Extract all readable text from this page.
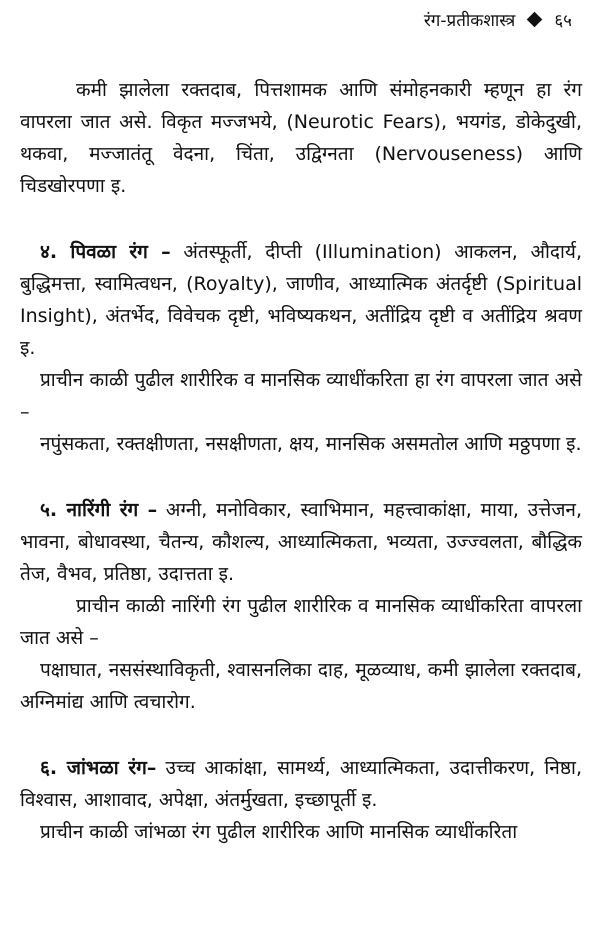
रंग-प्रतीकशास्त्र ६५

कमी झालेला रक्तदाब, पित्तशामक आणि संमोहनकारी म्हणून हा रंग वापरला जात असे. विकृत मज्जभये, (Neurotic Fears), भयगंड, डोकेदुखी, थकवा, मज्जातंतू वेदना, चिंता, उद्विग्नता (Nervouseness) आणि चिडखोरपणा इ.

४. पिवळा रंग – अंतस्फूर्ती, दीप्ती (Illumination) आकलन, औदार्य, बुद्धिमत्ता, स्वामित्वधन, (Royalty), जाणीव, आध्यात्मिक अंतर्दृष्टी (Spiritual Insight), अंतर्भेद, विवेचक दृष्टी, भविष्यकथन, अतींद्रिय दृष्टी व अतींद्रिय श्रवण इ.

प्राचीन काळी पुढील शारीरिक व मानसिक व्याधींकरिता हा रंग वापरला जात असे –

नपुंसकता, रक्तक्षीणता, नसक्षीणता, क्षय, मानसिक असमतोल आणि मठ्ठपणा इ.

५. नारिंगी रंग – अग्नी, मनोविकार, स्वाभिमान, महत्त्वाकांक्षा, माया, उत्तेजन, भावना, बोधावस्था, चैतन्य, कौशल्य, आध्यात्मिकता, भव्यता, उज्ज्वलता, बौद्धिक तेज, वैभव, प्रतिष्ठा, उदात्तता इ.

प्राचीन काळी नारिंगी रंग पुढील शारीरिक व मानसिक व्याधींकरिता वापरला जात असे –

पक्षाघात, नससंस्थाविकृती, श्वासनलिका दाह, मूळव्याध, कमी झालेला रक्तदाब, अग्निमांद्य आणि त्वचारोग.

६. जांभळा रंग– उच्च आकांक्षा, सामर्थ्य, आध्यात्मिकता, उदात्तीकरण, निष्ठा, विश्वास, आशावाद, अपेक्षा, अंतर्मुखता, इच्छापूर्ती इ.

प्राचीन काळी जांभळा रंग पुढील शारीरिक आणि मानसिक व्याधींकरिता
